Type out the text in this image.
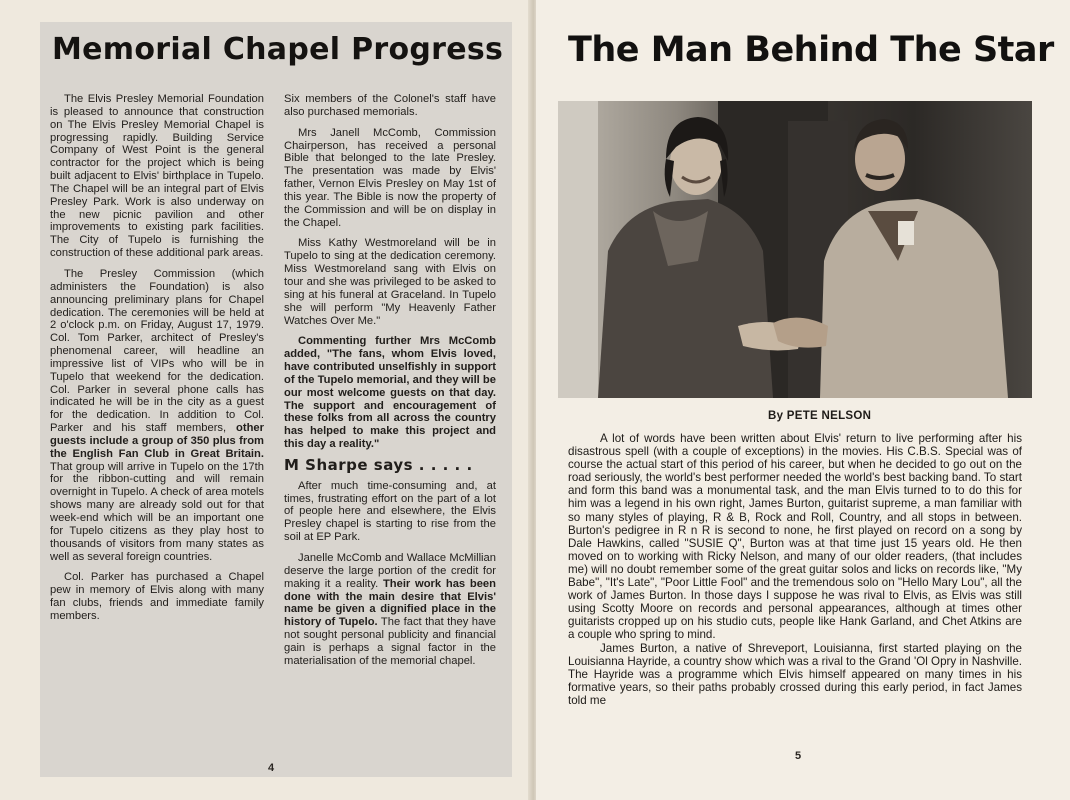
Memorial Chapel Progress

The Elvis Presley Memorial Foundation is pleased to announce that construction on The Elvis Presley Memorial Chapel is progressing rapidly. Building Service Company of West Point is the general contractor for the project which is being built adjacent to Elvis' birthplace in Tupelo. The Chapel will be an integral part of Elvis Presley Park. Work is also underway on the new picnic pavilion and other improvements to existing park facilities. The City of Tupelo is furnishing the construction of these additional park areas.

The Presley Commission (which administers the Foundation) is also announcing preliminary plans for Chapel dedication. The ceremonies will be held at 2 o'clock p.m. on Friday, August 17, 1979. Col. Tom Parker, architect of Presley's phenomenal career, will headline an impressive list of VIPs who will be in Tupelo that weekend for the dedication. Col. Parker in several phone calls has indicated he will be in the city as a guest for the dedication. In addition to Col. Parker and his staff members, other guests include a group of 350 plus from the English Fan Club in Great Britain. That group will arrive in Tupelo on the 17th for the ribbon-cutting and will remain overnight in Tupelo. A check of area motels shows many are already sold out for that week-end which will be an important one for Tupelo citizens as they play host to thousands of visitors from many states as well as several foreign countries.

Col. Parker has purchased a Chapel pew in memory of Elvis along with many fan clubs, friends and immediate family members.

Six members of the Colonel's staff have also purchased memorials.

Mrs Janell McComb, Commission Chairperson, has received a personal Bible that belonged to the late Presley. The presentation was made by Elvis' father, Vernon Elvis Presley on May 1st of this year. The Bible is now the property of the Commission and will be on display in the Chapel.

Miss Kathy Westmoreland will be in Tupelo to sing at the dedication ceremony. Miss Westmoreland sang with Elvis on tour and she was privileged to be asked to sing at his funeral at Graceland. In Tupelo she will perform "My Heavenly Father Watches Over Me."

Commenting further Mrs McComb added, "The fans, whom Elvis loved, have contributed unselfishly in support of the Tupelo memorial, and they will be our most welcome guests on that day. The support and encouragement of these folks from all across the country has helped to make this project and this day a reality."

M Sharpe says . . . . .

After much time-consuming and, at times, frustrating effort on the part of a lot of people here and elsewhere, the Elvis Presley chapel is starting to rise from the soil at EP Park.

Janelle McComb and Wallace McMillian deserve the large portion of the credit for making it a reality. Their work has been done with the main desire that Elvis' name be given a dignified place in the history of Tupelo. The fact that they have not sought personal publicity and financial gain is perhaps a signal factor in the materialisation of the memorial chapel.

4
The Man Behind The Star
By PETE NELSON

A lot of words have been written about Elvis' return to live performing after his disastrous spell (with a couple of exceptions) in the movies. His C.B.S. Special was of course the actual start of this period of his career, but when he decided to go out on the road seriously, the world's best performer needed the world's best backing band. To start and form this band was a monumental task, and the man Elvis turned to to do this for him was a legend in his own right, James Burton, guitarist supreme, a man familiar with so many styles of playing, R & B, Rock and Roll, Country, and all stops in between. Burton's pedigree in R n R is second to none, he first played on record on a song by Dale Hawkins, called "SUSIE Q", Burton was at that time just 15 years old. He then moved on to working with Ricky Nelson, and many of our older readers, (that includes me) will no doubt remember some of the great guitar solos and licks on records like, "My Babe", "It's Late", "Poor Little Fool" and the tremendous solo on "Hello Mary Lou", all the work of James Burton. In those days I suppose he was rival to Elvis, as Elvis was still using Scotty Moore on records and personal appearances, although at times other guitarists cropped up on his studio cuts, people like Hank Garland, and Chet Atkins are a couple who spring to mind.

James Burton, a native of Shreveport, Louisianna, first started playing on the Louisianna Hayride, a country show which was a rival to the Grand 'Ol Opry in Nashville. The Hayride was a programme which Elvis himself appeared on many times in his formative years, so their paths probably crossed during this early period, in fact James told me

5
